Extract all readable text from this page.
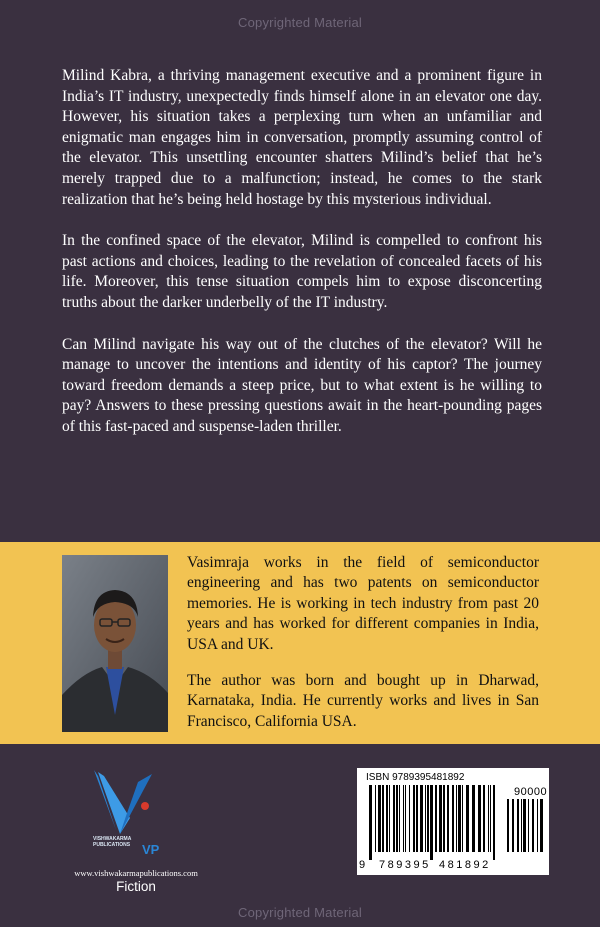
Copyrighted Material

Milind Kabra, a thriving management executive and a prominent figure in India’s IT industry, unexpectedly finds himself alone in an elevator one day. However, his situation takes a perplexing turn when an unfamiliar and enigmatic man engages him in conversation, promptly assuming control of the elevator. This unsettling encounter shatters Milind’s belief that he’s merely trapped due to a malfunction; instead, he comes to the stark realization that he’s being held hostage by this mysterious individual.

In the confined space of the elevator, Milind is compelled to confront his past actions and choices, leading to the revelation of concealed facets of his life. Moreover, this tense situation compels him to expose disconcerting truths about the darker underbelly of the IT industry.

Can Milind navigate his way out of the clutches of the elevator? Will he manage to uncover the intentions and identity of his captor? The journey toward freedom demands a steep price, but to what extent is he willing to pay? Answers to these pressing questions await in the heart-pounding pages of this fast-paced and suspense-laden thriller.

Vasimraja works in the field of semiconductor engineering and has two patents on semiconductor memories. He is working in tech industry from past 20 years and has worked for different companies in India, USA and UK.

The author was born and bought up in Dharwad, Karnataka, India. He currently works and lives in San Francisco, California USA.

VP
VISHWAKARMA PUBLICATIONS
www.vishwakarmapublications.com
Fiction
ISBN 9789395481892
90000
9 789395 481892
Copyrighted Material
